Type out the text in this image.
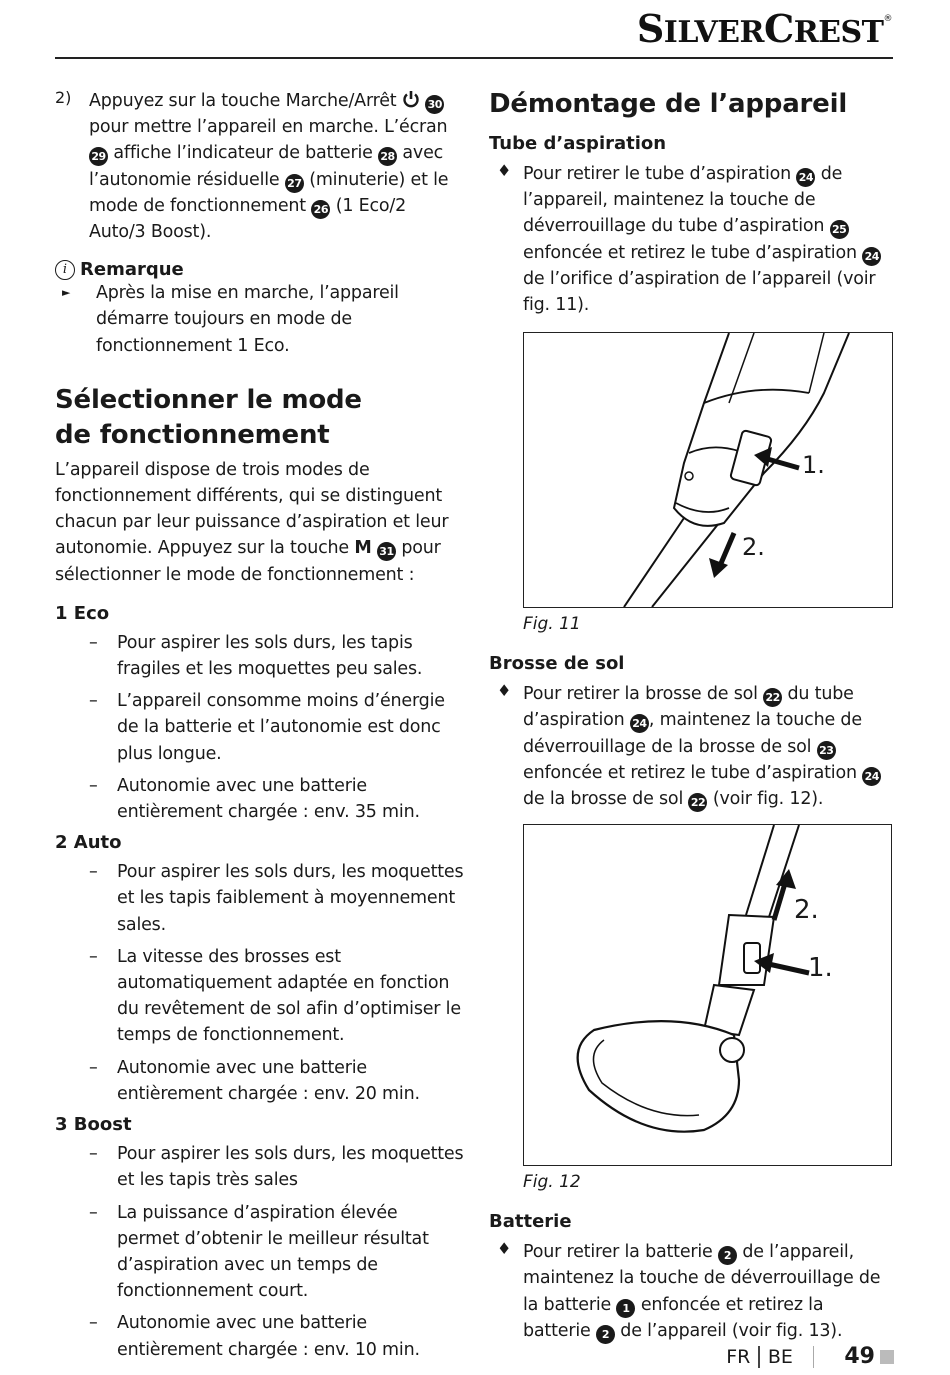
SILVERCREST®
2)	Appuyez sur la touche Marche/Arrêt  30 pour mettre l’appareil en marche. L’écran 29 affiche l’indicateur de batterie 28 avec l’autonomie résiduelle 27 (minuterie) et le mode de fonctionnement 26 (1 Eco/2 Auto/3 Boost).

i Remarque
►	Après la mise en marche, l’appareil démarre toujours en mode de fonctionnement 1 Eco.

Sélectionner le mode
de fonctionnement

L’appareil dispose de trois modes de fonctionnement différents, qui se distinguent chacun par leur puissance d’aspiration et leur autonomie. Appuyez sur la touche M 31 pour sélectionner le mode de fonctionnement :

1 Eco
–	Pour aspirer les sols durs, les tapis fragiles et les moquettes peu sales.

–	L’appareil consomme moins d’énergie de la batterie et l’autonomie est donc plus longue.

–	Autonomie avec une batterie entièrement chargée : env. 35 min.

2 Auto
–	Pour aspirer les sols durs, les moquettes et les tapis faiblement à moyennement sales.

–	La vitesse des brosses est automatiquement adaptée en fonction du revêtement de sol afin d’optimiser le temps de fonctionnement.

–	Autonomie avec une batterie entièrement chargée : env. 20 min.

3 Boost
–	Pour aspirer les sols durs, les moquettes et les tapis très sales

–	La puissance d’aspiration élevée permet d’obtenir le meilleur résultat d’aspiration avec un temps de fonctionnement court.

–	Autonomie avec une batterie entièrement chargée : env. 10 min.

Démontage de l’appareil
Tube d’aspiration
♦ Pour retirer le tube d’aspiration 24 de l’appareil, maintenez la touche de déverrouillage du tube d’aspiration 25 enfoncée et retirez le tube d’aspiration 24 de l’orifice d’aspiration de l’appareil (voir fig. 11).

1.
2.
Fig. 11
Brosse de sol
♦ Pour retirer la brosse de sol 22 du tube d’aspiration 24 , maintenez la touche de déverrouillage de la brosse de sol 23 enfoncée et retirez le tube d’aspiration 24 de la brosse de sol 22 (voir fig. 12).

1.
2.
Fig. 12
Batterie
♦ Pour retirer la batterie 2 de l’appareil, maintenez la touche de déverrouillage de la batterie 1 enfoncée et retirez la batterie 2 de l’appareil (voir fig. 13).

FR BE 49
